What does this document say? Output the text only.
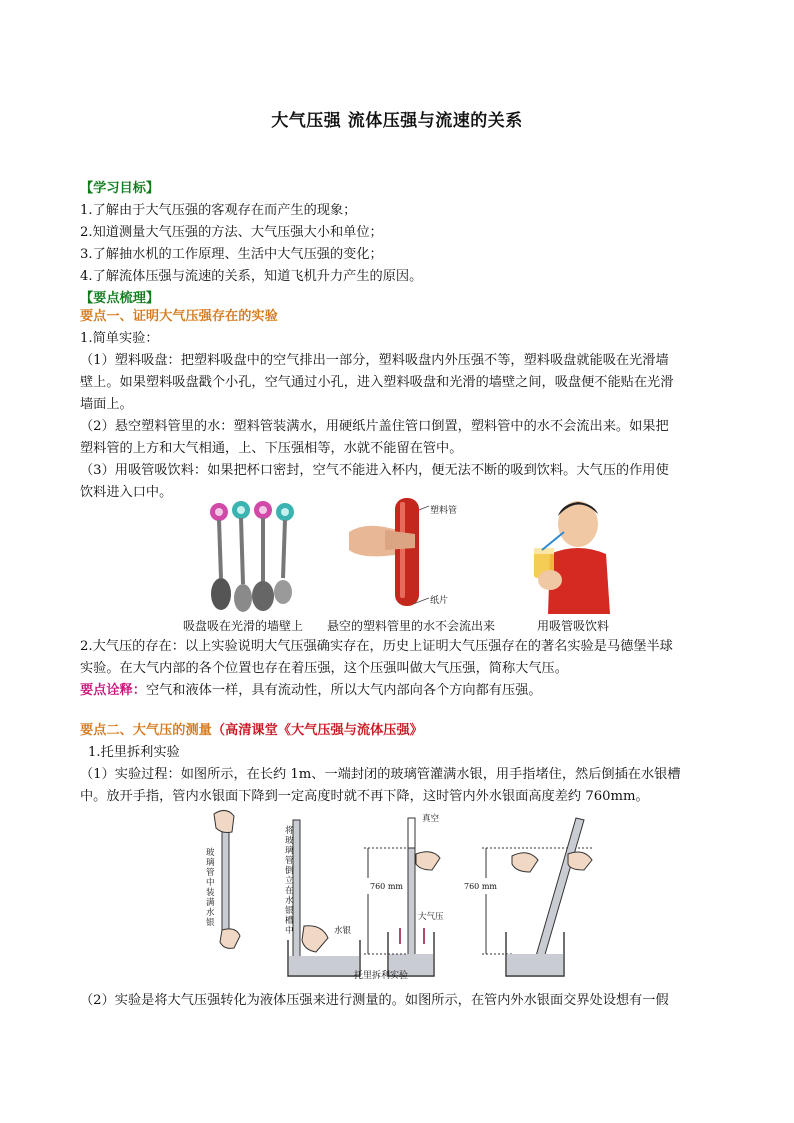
大气压强 流体压强与流速的关系
【学习目标】
1.了解由于大气压强的客观存在而产生的现象；
2.知道测量大气压强的方法、大气压强大小和单位；
3.了解抽水机的工作原理、生活中大气压强的变化；
4.了解流体压强与流速的关系，知道飞机升力产生的原因。
【要点梳理】
要点一、证明大气压强存在的实验
1.简单实验：
（1）塑料吸盘：把塑料吸盘中的空气排出一部分，塑料吸盘内外压强不等，塑料吸盘就能吸在光滑墙
壁上。如果塑料吸盘戳个小孔，空气通过小孔，进入塑料吸盘和光滑的墙壁之间，吸盘便不能贴在光滑
墙面上。
（2）悬空塑料管里的水：塑料管装满水，用硬纸片盖住管口倒置，塑料管中的水不会流出来。如果把
塑料管的上方和大气相通，上、下压强相等，水就不能留在管中。
（3）用吸管吸饮料：如果把杯口密封，空气不能进入杯内，便无法不断的吸到饮料。大气压的作用使
饮料进入口中。
塑料管
纸片
吸盘吸在光滑的墙壁上 悬空的塑料管里的水不会流出来	用吸管吸饮料
2.大气压的存在：以上实验说明大气压强确实存在，历史上证明大气压强存在的著名实验是马德堡半球
实验。在大气内部的各个位置也存在着压强，这个压强叫做大气压强，简称大气压。
要点诠释：空气和液体一样，具有流动性，所以大气内部向各个方向都有压强。
要点二、大气压的测量（高清课堂《大气压强与流体压强》
1.托里拆利实验
（1）实验过程：如图所示，在长约 1m、一端封闭的玻璃管灌满水银，用手指堵住，然后倒插在水银槽
中。放开手指，管内水银面下降到一定高度时就不再下降，这时管内外水银面高度差约 760mm。
玻璃管中装满水银
将玻璃管倒立在水银槽中	水银
真空
760 mm
大气压
760 mm
托里拆利实验
（2）实验是将大气压强转化为液体压强来进行测量的。如图所示，在管内外水银面交界处设想有一假
